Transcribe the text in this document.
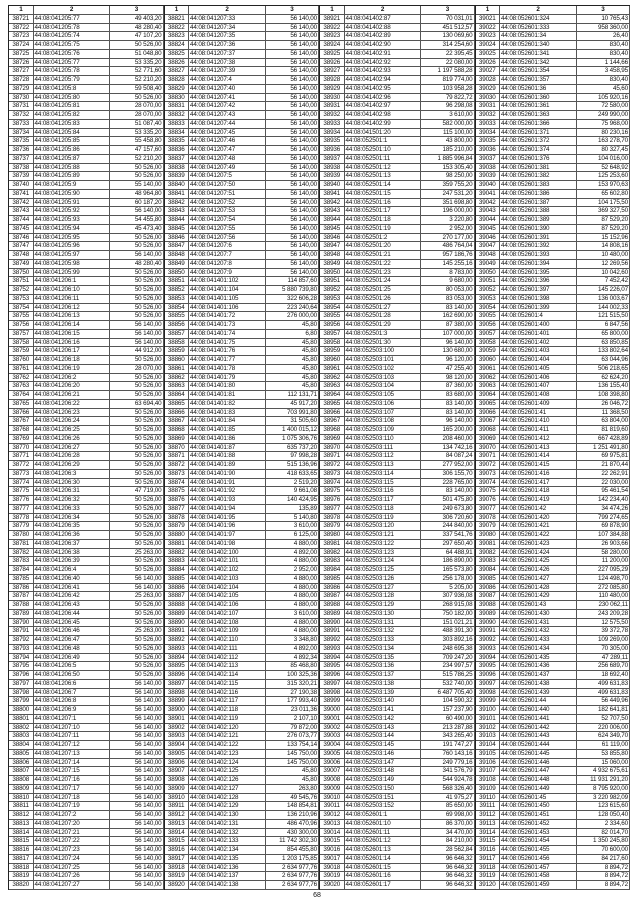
1	2	3
38721 44:08:041205:77	49 403,20
38722 44:08:041205:78	48 280,40
38723 44:08:041205:74	47 107,20
38724 44:08:041205:75	50 526,00
38725 44:08:041205:76	51 048,80
38726 44:08:041205:77	53 335,20
38727 44:08:041205:78	52 771,60
38728 44:08:041205:79	52 210,20
38729 44:08:041205:8	59 508,40
38730 44:08:041205:80	50 526,00
38731 44:08:041205:81	28 070,00
38732 44:08:041205:82	28 070,00
38733 44:08:041205:83	51 087,40
38734 44:08:041205:84	53 335,20
38735 44:08:041205:85	55 458,80
38736 44:08:041205:86	47 157,60
38737 44:08:041205:87	52 210,20
38738 44:08:041205:88	50 526,00
38739 44:08:041205:89	50 526,00
38740 44:08:041205:9	55 140,00
38741 44:08:041205:90	48 964,80
38742 44:08:041205:91	60 187,20
38743 44:08:041205:92	56 140,00
38744 44:08:041205:93	54 455,80
38745 44:08:041205:94	45 473,40
38746 44:08:041205:95	50 526,00
38747 44:08:041205:96	50 526,00
38748 44:08:041205:97	56 140,00
38749 44:08:041205:98	48 280,40
38750 44:08:041205:99	50 526,00
38751 44:08:041206:1	50 526,00
38752 44:08:041206:10	50 526,00
38753 44:08:041206:11	50 526,00
38754 44:08:041206:12	50 526,00
38755 44:08:041206:13	50 526,00
38756 44:08:041206:14	56 140,00
38757 44:08:041206:15	56 140,00
38758 44:08:041206:16	56 140,00
38759 44:08:041206:17	44 912,00
38760 44:08:041206:18	50 526,00
38761 44:08:041206:19	28 070,00
38762 44:08:041206:2	50 526,00
38763 44:08:041206:20	50 526,00
38764 44:08:041206:21	50 526,00
38765 44:08:041206:22	63 694,40
38766 44:08:041206:23	50 526,00
38767 44:08:041206:24	50 526,00
38768 44:08:041206:25	50 526,00
38769 44:08:041206:26	50 526,00
38770 44:08:041206:27	50 526,00
38771 44:08:041206:28	50 526,00
38772 44:08:041206:29	50 526,00
38773 44:08:041206:3	50 526,00
38774 44:08:041206:30	50 526,00
38775 44:08:041206:31	47 719,00
38776 44:08:041206:32	50 526,00
38777 44:08:041206:33	50 526,00
38778 44:08:041206:34	50 526,00
38779 44:08:041206:35	50 526,00
38780 44:08:041206:36	50 526,00
38781 44:08:041206:37	50 526,00
38782 44:08:041206:38	25 263,00
38783 44:08:041206:39	50 526,00
38784 44:08:041206:4	50 526,00
38785 44:08:041206:40	56 140,00
38786 44:08:041206:41	56 140,00
38787 44:08:041206:42	25 263,00
38788 44:08:041206:43	50 526,00
38789 44:08:041206:44	50 526,00
38790 44:08:041206:45	50 526,00
38791 44:08:041206:46	25 263,00
38792 44:08:041206:47	50 526,00
38793 44:08:041206:48	50 526,00
38794 44:08:041206:49	50 526,00
38795 44:08:041206:5	50 526,00
38796 44:08:041206:50	50 526,00
38797 44:08:041206:6	56 140,00
38798 44:08:041206:7	56 140,00
38799 44:08:041206:8	56 140,00
38800 44:08:041206:9	56 140,00
38801 44:08:041207:1	56 140,00
38802 44:08:041207:10	56 140,00
38803 44:08:041207:11	56 140,00
38804 44:08:041207:12	56 140,00
38805 44:08:041207:13	56 140,00
38806 44:08:041207:14	56 140,00
38807 44:08:041207:15	56 140,00
38808 44:08:041207:16	56 140,00
38809 44:08:041207:17	56 140,00
38810 44:08:041207:18	56 140,00
38811 44:08:041207:19	56 140,00
38812 44:08:041207:2	56 140,00
38813 44:08:041207:20	56 140,00
38814 44:08:041207:21	56 140,00
38815 44:08:041207:22	56 140,00
38816 44:08:041207:23	56 140,00
38817 44:08:041207:24	56 140,00
38818 44:08:041207:25	56 140,00
38819 44:08:041207:26	56 140,00
38820 44:08:041207:27	56 140,00
1	2	3
38821 44:08:041207:33	56 140,00
38822 44:08:041207:34	56 140,00
38823 44:08:041207:35	56 140,00
38824 44:08:041207:36	56 140,00
38825 44:08:041207:37	56 140,00
38826 44:08:041207:38	56 140,00
38827 44:08:041207:39	56 140,00
38828 44:08:041207:4	56 140,00
38829 44:08:041207:40	56 140,00
38830 44:08:041207:41	56 140,00
38831 44:08:041207:42	56 140,00
38832 44:08:041207:43	56 140,00
38833 44:08:041207:44	56 140,00
38834 44:08:041207:45	56 140,00
38835 44:08:041207:46	56 140,00
38836 44:08:041207:47	56 140,00
38837 44:08:041207:48	56 140,00
38838 44:08:041207:49	56 140,00
38839 44:08:041207:5	56 140,00
38840 44:08:041207:50	56 140,00
38841 44:08:041207:51	56 140,00
38842 44:08:041207:52	56 140,00
38843 44:08:041207:53	56 140,00
38844 44:08:041207:54	56 140,00
38845 44:08:041207:55	56 140,00
38846 44:08:041207:56	56 140,00
38847 44:08:041207:6	56 140,00
38848 44:08:041207:7	56 140,00
38849 44:08:041207:8	56 140,00
38850 44:08:041207:9	56 140,00
38851 44:08:041401:102	114 857,60
38852 44:08:041401:104	5 880 739,80
38853 44:08:041401:105	322 606,28
38854 44:08:041401:106	223 240,64
38855 44:08:041401:72	276 000,00
38856 44:08:041401:73	45,80
38857 44:08:041401:74	6,80
38858 44:08:041401:75	45,80
38859 44:08:041401:76	45,80
38860 44:08:041401:77	45,80
38861 44:08:041401:78	45,80
38862 44:08:041401:79	45,80
38863 44:08:041401:80	45,80
38864 44:08:041401:81	112 131,71
38865 44:08:041401:82	45 917,20
38866 44:08:041401:83	703 991,80
38867 44:08:041401:84	31 505,60
38868 44:08:041401:85	1 400 015,12
38869 44:08:041401:86	1 075 306,76
38870 44:08:041401:87	635 737,20
38871 44:08:041401:88	97 998,28
38872 44:08:041401:89	515 136,96
38873 44:08:041401:90	418 633,65
38874 44:08:041401:91	2 519,20
38875 44:08:041401:92	9 661,08
38876 44:08:041401:93	140 424,95
38877 44:08:041401:94	135,89
38878 44:08:041401:95	5 140,80
38879 44:08:041401:96	3 610,00
38880 44:08:041401:97	6 125,00
38881 44:08:041401:98	4 880,00
38882 44:08:041402:100	4 892,00
38883 44:08:041402:101	4 880,00
38884 44:08:041402:102	2 952,00
38885 44:08:041402:103	4 880,00
38886 44:08:041402:104	4 880,00
38887 44:08:041402:105	4 880,00
38888 44:08:041402:106	4 880,00
38889 44:08:041402:107	3 610,00
38890 44:08:041402:108	4 880,00
38891 44:08:041402:109	4 880,00
38892 44:08:041402:110	3 348,80
38893 44:08:041402:111	4 892,00
38894 44:08:041402:112	4 892,34
38895 44:08:041402:113	85 468,80
38896 44:08:041402:114	100 325,36
38897 44:08:041402:115	315 320,21
38898 44:08:041402:116	27 190,38
38899 44:08:041402:117	177 993,40
38900 44:08:041402:118	23 011,36
38901 44:08:041402:119	2 107,10
38902 44:08:041402:120	79 872,00
38903 44:08:041402:121	276 073,77
38904 44:08:041402:122	133 754,14
38905 44:08:041402:123	145 750,00
38906 44:08:041402:124	145 750,00
38907 44:08:041402:125	45,80
38908 44:08:041402:126	45,80
38909 44:08:041402:127	263,80
38910 44:08:041402:128	49 545,76
38911 44:08:041402:129	148 854,81
38912 44:08:041402:130	136 210,96
38913 44:08:041402:131	486 470,96
38914 44:08:041402:132	430 300,00
38915 44:08:041402:133	11 742 302,30
38916 44:08:041402:134	854 455,80
38917 44:08:041402:135	1 203 175,85
38918 44:08:041402:136	2 634 977,76
38919 44:08:041402:137	2 634 977,76
38920 44:08:041402:138	2 634 977,76
1	2	3
38921 44:08:041402:87	70 031,01
38922 44:08:041402:88	451 512,57
38923 44:08:041402:89	130 069,60
38924 44:08:041402:90	314 254,60
38925 44:08:041402:91	22 395,45
38926 44:08:041402:92	22 080,00
38927 44:08:041402:93	1 197 588,28
38928 44:08:041402:94	819 774,00
38929 44:08:041402:95	103 958,28
38930 44:08:041402:96	79 822,72
38931 44:08:041402:97	96 298,08
38932 44:08:041402:98	3 610,00
38933 44:08:041402:99	582 000,00
38934 44:08:041501:20	115 100,00
38935 44:08:052501:1	43 800,00
38936 44:08:052501:10	185 210,00
38937 44:08:052501:11	1 885 996,84
38938 44:08:052501:12	153 305,40
38939 44:08:052501:13	98 250,00
38940 44:08:052501:14	359 755,20
38941 44:08:052501:15	247 531,20
38942 44:08:052501:16	351 698,80
38943 44:08:052501:17	196 000,00
38944 44:08:052501:18	3 220,80
38945 44:08:052501:19	2 952,00
38946 44:08:052501:2	270 177,00
38947 44:08:052501:20	486 764,04
38948 44:08:052501:21	957 186,76
38949 44:08:052501:22	145 255,16
38950 44:08:052501:23	8 783,00
38951 44:08:052501:24	9 680,00
38952 44:08:052501:25	80 053,00
38953 44:08:052501:26	83 053,00
38954 44:08:052501:27	83 140,00
38955 44:08:052501:28	162 690,00
38956 44:08:052501:29	87 380,00
38957 44:08:052501:3	107 000,00
38958 44:08:052501:30	96 140,00
38959 44:08:052503:100	130 680,00
38960 44:08:052503:101	96 120,00
38961 44:08:052503:102	47 255,40
38962 44:08:052503:103	98 120,00
38963 44:08:052503:104	87 360,00
38964 44:08:052503:105	83 680,00
38965 44:08:052503:106	83 140,00
38966 44:08:052503:107	83 140,00
38967 44:08:052503:108	96 140,00
38968 44:08:052503:109	165 200,00
38969 44:08:052503:110	208 460,00
38970 44:08:052503:111	134 742,16
38971 44:08:052503:112	84 087,24
38972 44:08:052503:113	277 952,00
38973 44:08:052503:114	306 155,70
38974 44:08:052503:115	228 765,00
38975 44:08:052503:116	83 140,00
38976 44:08:052503:117	501 475,80
38977 44:08:052503:118	249 673,80
38978 44:08:052503:119	306 720,60
38979 44:08:052503:120	244 840,00
38980 44:08:052503:121	337 541,76
38981 44:08:052503:122	297 650,40
38982 44:08:052503:123	64 488,91
38983 44:08:052503:124	186 890,00
38984 44:08:052503:125	165 573,80
38985 44:08:052503:126	256 178,00
38986 44:08:052503:127	5 205,00
38987 44:08:052503:128	307 936,08
38988 44:08:052503:129	268 915,08
38989 44:08:052503:130	750 182,00
38990 44:08:052503:131	151 021,21
38991 44:08:052503:132	488 391,30
38992 44:08:052503:133	303 892,16
38993 44:08:052503:134	248 695,38
38994 44:08:052503:135	709 247,20
38995 44:08:052503:136	234 997,57
38996 44:08:052503:137	515 786,25
38997 44:08:052503:138	532 740,00
38998 44:08:052503:139	6 487 705,40
38999 44:08:052503:140	104 590,32
39000 44:08:052503:141	157 237,90
39001 44:08:052503:142	60 490,00
39002 44:08:052503:143	213 287,88
39003 44:08:052503:144	343 265,40
39004 44:08:052503:145	191 747,27
39005 44:08:052503:146	760 143,16
39006 44:08:052503:147	249 779,16
39007 44:08:052503:148	341 576,79
39008 44:08:052503:149	544 924,78
39009 44:08:052503:150	568 326,40
39010 44:08:052503:151	41 975,27
39011 44:08:052503:152	85 650,00
39012 44:08:052601:1	69 998,00
39013 44:08:052601:10	86 370,00
39014 44:08:052601:11	34 470,00
39015 44:08:052601:12	84 210,00
39016 44:08:052601:13	28 562,84
39017 44:08:052601:14	96 646,32
39018 44:08:052601:15	96 646,32
39019 44:08:052601:16	96 646,32
39020 44:08:052601:17	96 646,32
1	2	3
39021 44:08:052601:324	10 765,43
39022 44:08:052601:333	958 360,00
39023 44:08:052601:34	26,40
39024 44:08:052601:340	830,40
39025 44:08:052601:341	830,40
39026 44:08:052601:342	1 144,66
39027 44:08:052601:354	3 458,95
39028 44:08:052601:357	830,40
39029 44:08:052601:36	45,60
39030 44:08:052601:360	105 920,16
39031 44:08:052601:361	72 580,00
39032 44:08:052601:363	249 990,00
39033 44:08:052601:366	75 968,00
39034 44:08:052601:371	80 230,16
39035 44:08:052601:372	163 278,70
39036 44:08:052601:374	80 327,45
39037 44:08:052601:376	104 016,00
39038 44:08:052601:381	52 648,92
39039 44:08:052601:382	125 253,60
39040 44:08:052601:383	153 970,63
39041 44:08:052601:386	65 602,80
39042 44:08:052601:387	104 175,50
39043 44:08:052601:388	369 327,50
39044 44:08:052601:389	87 529,20
39045 44:08:052601:390	87 529,20
39046 44:08:052601:391	15 152,96
39047 44:08:052601:392	14 808,16
39048 44:08:052601:393	10 480,00
39049 44:08:052601:394	12 269,56
39050 44:08:052601:395	10 042,60
39051 44:08:052601:396	7 452,42
39052 44:08:052601:397	145 226,07
39053 44:08:052601:398	136 003,67
39054 44:08:052601:399	144 002,33
39055 44:08:052601:4	121 515,50
39056 44:08:052601:400	6 847,56
39057 44:08:052601:401	65 800,00
39058 44:08:052601:402	63 850,85
39059 44:08:052601:403	133 802,64
39060 44:08:052601:404	63 044,96
39061 44:08:052601:405	506 218,65
39062 44:08:052601:406	62 624,20
39063 44:08:052601:407	136 155,40
39064 44:08:052601:408	108 398,80
39065 44:08:052601:409	26 046,72
39066 44:08:052601:41	11 368,50
39067 44:08:052601:410	63 804,00
39068 44:08:052601:411	81 819,60
39069 44:08:052601:412	667 428,89
39070 44:08:052601:413	1 251 491,80
39071 44:08:052601:414	69 975,81
39072 44:08:052601:415	21 870,44
39073 44:08:052601:416	22 262,91
39074 44:08:052601:417	22 030,00
39075 44:08:052601:418	95 461,54
39076 44:08:052601:419	142 234,40
39077 44:08:052601:42	34 474,26
39078 44:08:052601:420	799 274,65
39079 44:08:052601:421	69 878,90
39080 44:08:052601:422	107 384,88
39081 44:08:052601:423	26 903,66
39082 44:08:052601:424	58 280,00
39083 44:08:052601:425	11 200,00
39084 44:08:052601:426	227 095,29
39085 44:08:052601:427	124 498,70
39086 44:08:052601:428	272 085,80
39087 44:08:052601:429	110 480,00
39088 44:08:052601:43	230 062,11
39089 44:08:052601:430	243 209,28
39090 44:08:052601:431	12 575,50
39091 44:08:052601:432	39 372,78
39092 44:08:052601:433	109 269,00
39093 44:08:052601:434	70 305,00
39094 44:08:052601:435	47 289,11
39095 44:08:052601:436	256 689,70
39096 44:08:052601:437	18 692,40
39097 44:08:052601:438	499 631,83
39098 44:08:052601:439	499 631,83
39099 44:08:052601:44	56 449,96
39100 44:08:052601:440	182 641,81
39101 44:08:052601:441	52 707,50
39102 44:08:052601:442	220 006,00
39103 44:08:052601:443	624 349,70
39104 44:08:052601:444	61 119,00
39105 44:08:052601:445	53 855,80
39106 44:08:052601:446	15 060,00
39107 44:08:052601:447	4 932 675,61
39108 44:08:052601:448	11 931 291,20
39109 44:08:052601:449	8 795 920,00
39110 44:08:052601:45	3 220 982,09
39111 44:08:052601:450	123 615,60
39112 44:08:052601:451	128 050,40
39113 44:08:052601:452	2 334,60
39114 44:08:052601:453	82 014,70
39115 44:08:052601:454	1 350 245,80
39116 44:08:052601:455	70 600,00
39117 44:08:052601:456	84 217,60
39118 44:08:052601:457	8 894,72
39119 44:08:052601:458	8 894,72
39120 44:08:052601:459	8 894,72
68
